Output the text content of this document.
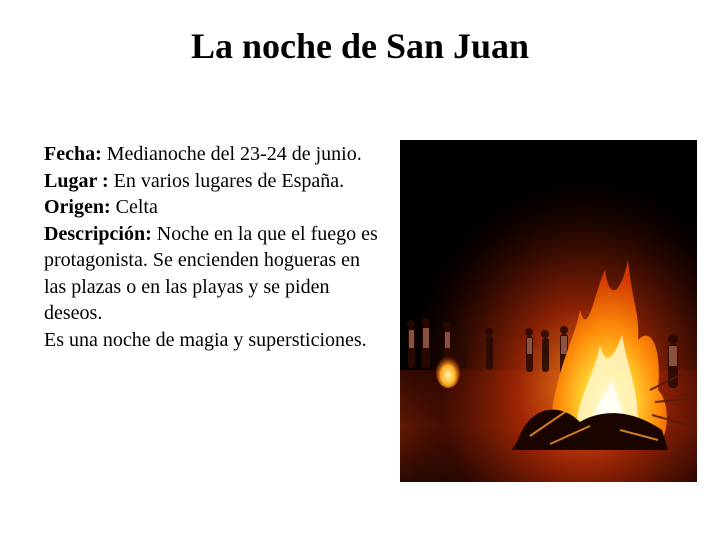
La noche de San Juan

Fecha: Medianoche del 23-24 de junio.

Lugar : En varios lugares de España.

Origen: Celta

Descripción: Noche en la que el fuego es protagonista. Se encienden hogueras en las plazas o en las playas y se piden deseos.

Es una noche de magia y supersticiones.
